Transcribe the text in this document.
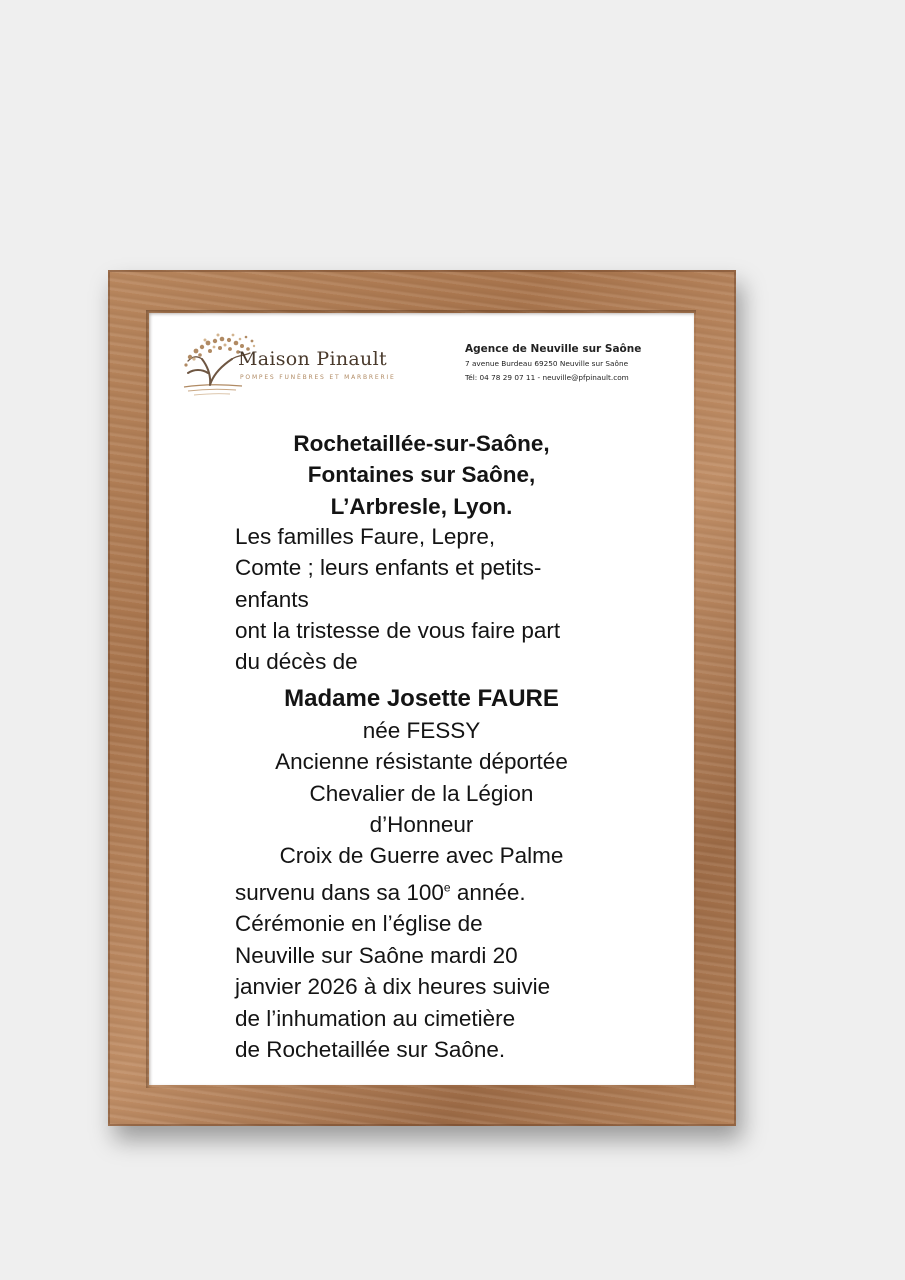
Maison Pinault
POMPES FUNÈBRES ET MARBRERIE
Agence de Neuville sur Saône
7 avenue Burdeau 69250 Neuville sur Saône
Tél: 04 78 29 07 11 - neuville@pfpinault.com
Rochetaillée-sur-Saône,
Fontaines sur Saône,
L’Arbresle, Lyon.
Les familles Faure, Lepre,
Comte ; leurs enfants et petits-
enfants
ont la tristesse de vous faire part
du décès de
Madame Josette FAURE
née FESSY
Ancienne résistante déportée
Chevalier de la Légion
d’Honneur
Croix de Guerre avec Palme
survenu dans sa 100e année.
Cérémonie en l’église de
Neuville sur Saône mardi 20
janvier 2026 à dix heures suivie
de l’inhumation au cimetière
de Rochetaillée sur Saône.
